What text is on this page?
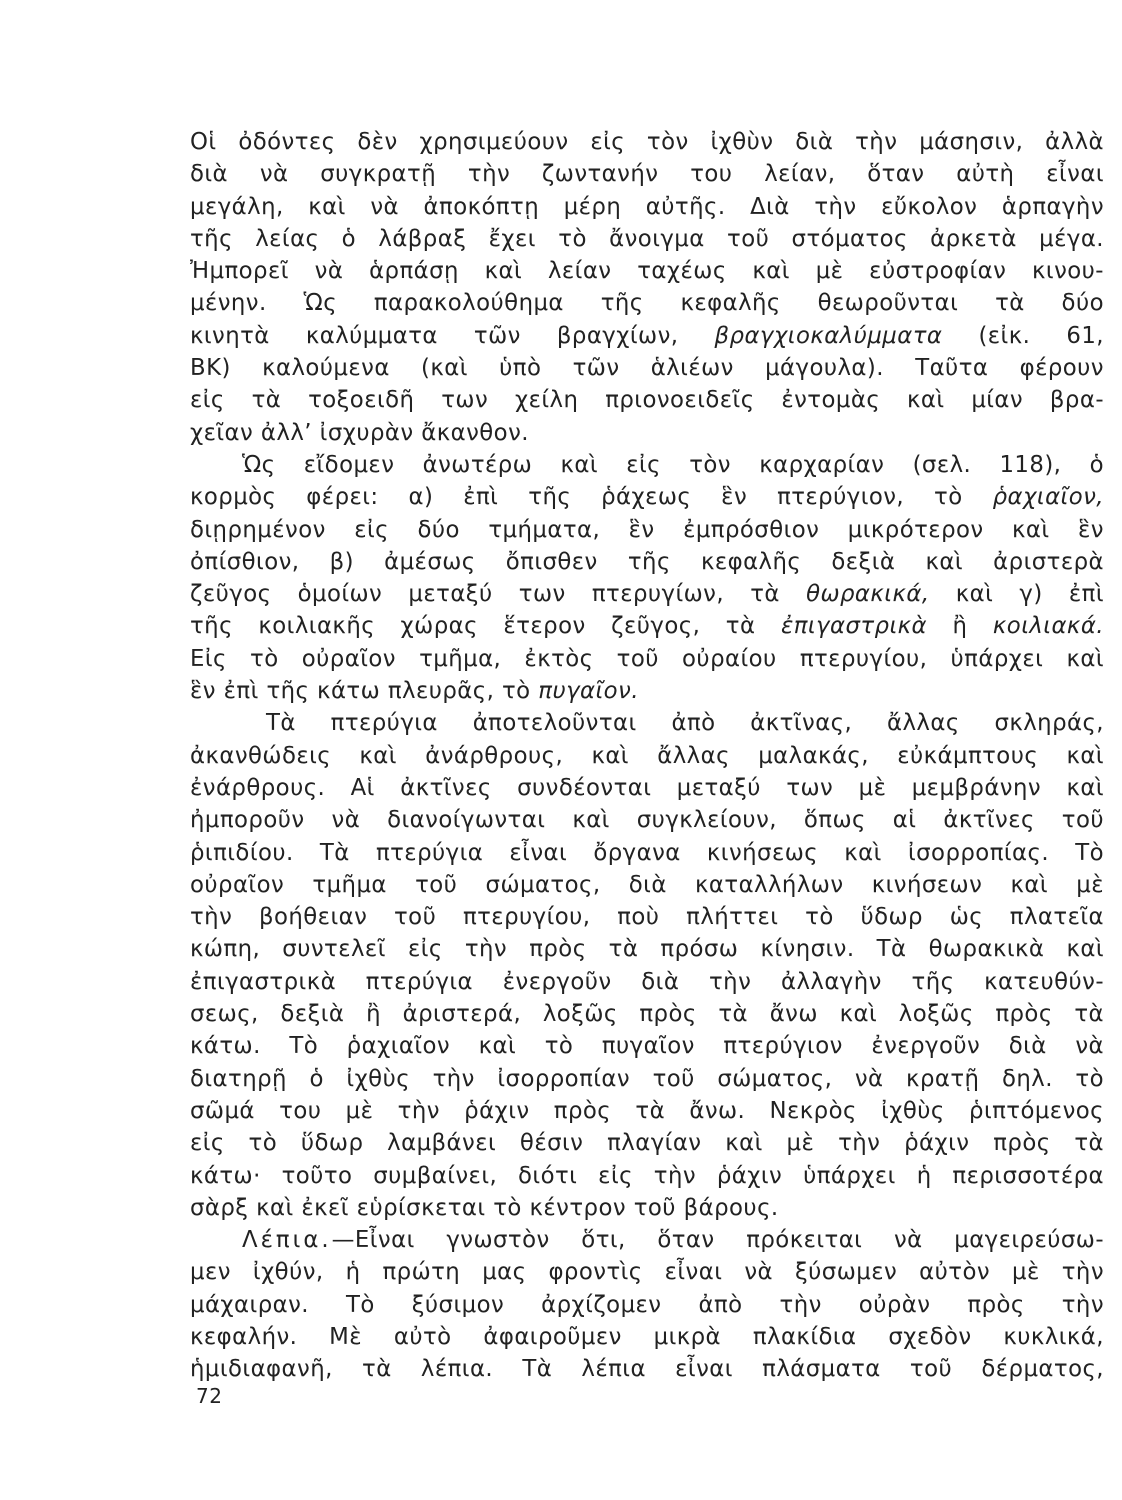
Οἱ ὀδόντες δὲν χρησιμεύουν εἰς τὸν ἰχθὺν διὰ τὴν μάσησιν, ἀλλὰ
διὰ νὰ συγκρατῇ τὴν ζωντανήν του λείαν, ὅταν αὐτὴ εἶναι
μεγάλη, καὶ νὰ ἀποκόπτῃ μέρη αὐτῆς. Διὰ τὴν εὔκολον ἁρπαγὴν
τῆς λείας ὁ λάβραξ ἔχει τὸ ἄνοιγμα τοῦ στόματος ἀρκετὰ μέγα.
Ἠμπορεῖ νὰ ἁρπάσῃ καὶ λείαν ταχέως καὶ μὲ εὐστροφίαν κινου-
μένην. Ὡς παρακολούθημα τῆς κεφαλῆς θεωροῦνται τὰ δύο
κινητὰ καλύμματα τῶν βραγχίων, βραγχιοκαλύμματα (εἰκ. 61,
ΒΚ) καλούμενα (καὶ ὑπὸ τῶν ἁλιέων μάγουλα). Ταῦτα φέρουν
εἰς τὰ τοξοειδῆ των χείλη πριονοειδεῖς ἐντομὰς καὶ μίαν βρα-
χεῖαν ἀλλ’ ἰσχυρὰν ἄκανθον.
Ὡς εἴδομεν ἀνωτέρω καὶ εἰς τὸν καρχαρίαν (σελ. 118), ὁ
κορμὸς φέρει: α) ἐπὶ τῆς ῥάχεως ἓν πτερύγιον, τὸ ῥαχιαῖον,
διῃρημένον εἰς δύο τμήματα, ἓν ἐμπρόσθιον μικρότερον καὶ ἓν
ὀπίσθιον, β) ἀμέσως ὄπισθεν τῆς κεφαλῆς δεξιὰ καὶ ἀριστερὰ
ζεῦγος ὁμοίων μεταξύ των πτερυγίων, τὰ θωρακικά, καὶ γ) ἐπὶ
τῆς κοιλιακῆς χώρας ἕτερον ζεῦγος, τὰ ἐπιγαστρικὰ ἢ κοιλιακά.
Εἰς τὸ οὐραῖον τμῆμα, ἐκτὸς τοῦ οὐραίου πτερυγίου, ὑπάρχει καὶ
ἓν ἐπὶ τῆς κάτω πλευρᾶς, τὸ πυγαῖον.
Τὰ πτερύγια ἀποτελοῦνται ἀπὸ ἀκτῖνας, ἄλλας σκληράς,
ἀκανθώδεις καὶ ἀνάρθρους, καὶ ἄλλας μαλακάς, εὐκάμπτους καὶ
ἐνάρθρους. Αἱ ἀκτῖνες συνδέονται μεταξύ των μὲ μεμβράνην καὶ
ἠμποροῦν νὰ διανοίγωνται καὶ συγκλείουν, ὅπως αἱ ἀκτῖνες τοῦ
ῥιπιδίου. Τὰ πτερύγια εἶναι ὄργανα κινήσεως καὶ ἰσορροπίας. Τὸ
οὐραῖον τμῆμα τοῦ σώματος, διὰ καταλλήλων κινήσεων καὶ μὲ
τὴν βοήθειαν τοῦ πτερυγίου, ποὺ πλήττει τὸ ὕδωρ ὡς πλατεῖα
κώπη, συντελεῖ εἰς τὴν πρὸς τὰ πρόσω κίνησιν. Τὰ θωρακικὰ καὶ
ἐπιγαστρικὰ πτερύγια ἐνεργοῦν διὰ τὴν ἀλλαγὴν τῆς κατευθύν-
σεως, δεξιὰ ἢ ἀριστερά, λοξῶς πρὸς τὰ ἄνω καὶ λοξῶς πρὸς τὰ
κάτω. Τὸ ῥαχιαῖον καὶ τὸ πυγαῖον πτερύγιον ἐνεργοῦν διὰ νὰ
διατηρῇ ὁ ἰχθὺς τὴν ἰσορροπίαν τοῦ σώματος, νὰ κρατῇ δηλ. τὸ
σῶμά του μὲ τὴν ῥάχιν πρὸς τὰ ἄνω. Νεκρὸς ἰχθὺς ῥιπτόμενος
εἰς τὸ ὕδωρ λαμβάνει θέσιν πλαγίαν καὶ μὲ τὴν ῥάχιν πρὸς τὰ
κάτω· τοῦτο συμβαίνει, διότι εἰς τὴν ῥάχιν ὑπάρχει ἡ περισσοτέρα
σὰρξ καὶ ἐκεῖ εὑρίσκεται τὸ κέντρον τοῦ βάρους.
Λέπια.—Εἶναι γνωστὸν ὅτι, ὅταν πρόκειται νὰ μαγειρεύσω-
μεν ἰχθύν, ἡ πρώτη μας φροντὶς εἶναι νὰ ξύσωμεν αὐτὸν μὲ τὴν
μάχαιραν. Τὸ ξύσιμον ἀρχίζομεν ἀπὸ τὴν οὐρὰν πρὸς τὴν
κεφαλήν. Μὲ αὐτὸ ἀφαιροῦμεν μικρὰ πλακίδια σχεδὸν κυκλικά,
ἡμιδιαφανῆ, τὰ λέπια. Τὰ λέπια εἶναι πλάσματα τοῦ δέρματος,
72
